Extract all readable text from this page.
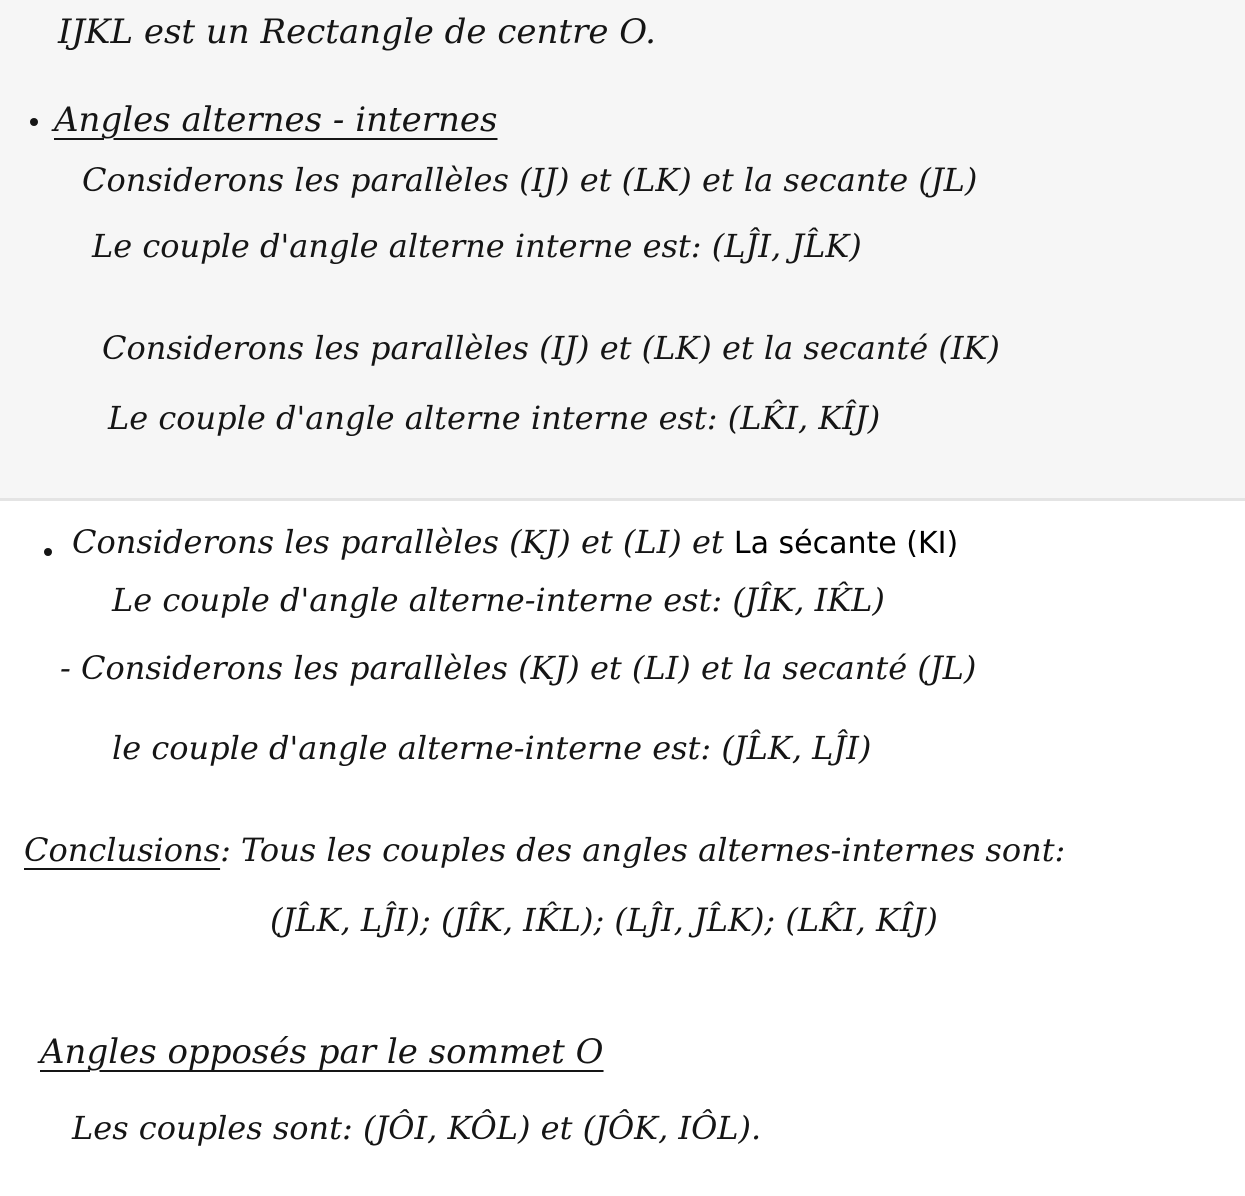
IJKL est un Rectangle de centre O.
Angles alternes - internes
Considerons les parallèles (IJ) et (LK) et la secante (JL)
Le couple d'angle alterne interne est: (LĴI, JL̂K)
Considerons les parallèles (IJ) et (LK) et la secanté (IK)
Le couple d'angle alterne interne est: (LK̂I, KÎJ)
Considerons les parallèles (KJ) et (LI) et La sécante (KI)
Le couple d'angle alterne-interne est: (JÎK, IK̂L)
- Considerons les parallèles (KJ) et (LI) et la secanté (JL)
le couple d'angle alterne-interne est: (JL̂K, LĴI)
Conclusions: Tous les couples des angles alternes-internes sont:
(JL̂K, LĴI); (JÎK, IK̂L); (LĴI, JL̂K); (LK̂I, KÎJ)
Angles opposés par le sommet O
Les couples sont: (JÔI, KÔL) et (JÔK, IÔL).
